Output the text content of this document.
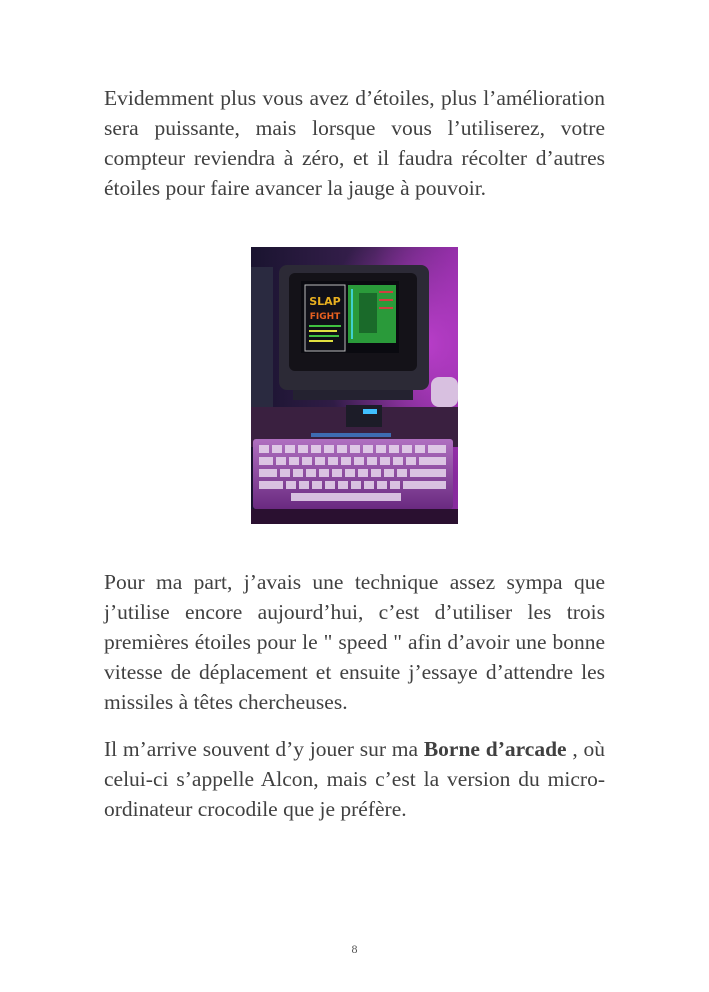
Evidemment plus vous avez d’étoiles, plus l’amélioration sera puissante, mais lorsque vous l’utiliserez, votre compteur reviendra à zéro, et il faudra récolter d’autres étoiles pour faire avancer la jauge à pouvoir.

SLAP
FIGHT

Pour ma part, j’avais une technique assez sympa que j’utilise encore aujourd’hui, c’est d’utiliser les trois premières étoiles pour le " speed " afin d’avoir une bonne vitesse de déplacement et ensuite j’essaye d’attendre les missiles à têtes chercheuses.

Il m’arrive souvent d’y jouer sur ma Borne d’arcade , où celui-ci s’appelle Alcon, mais c’est la version du micro-ordinateur crocodile que je préfère.

8
